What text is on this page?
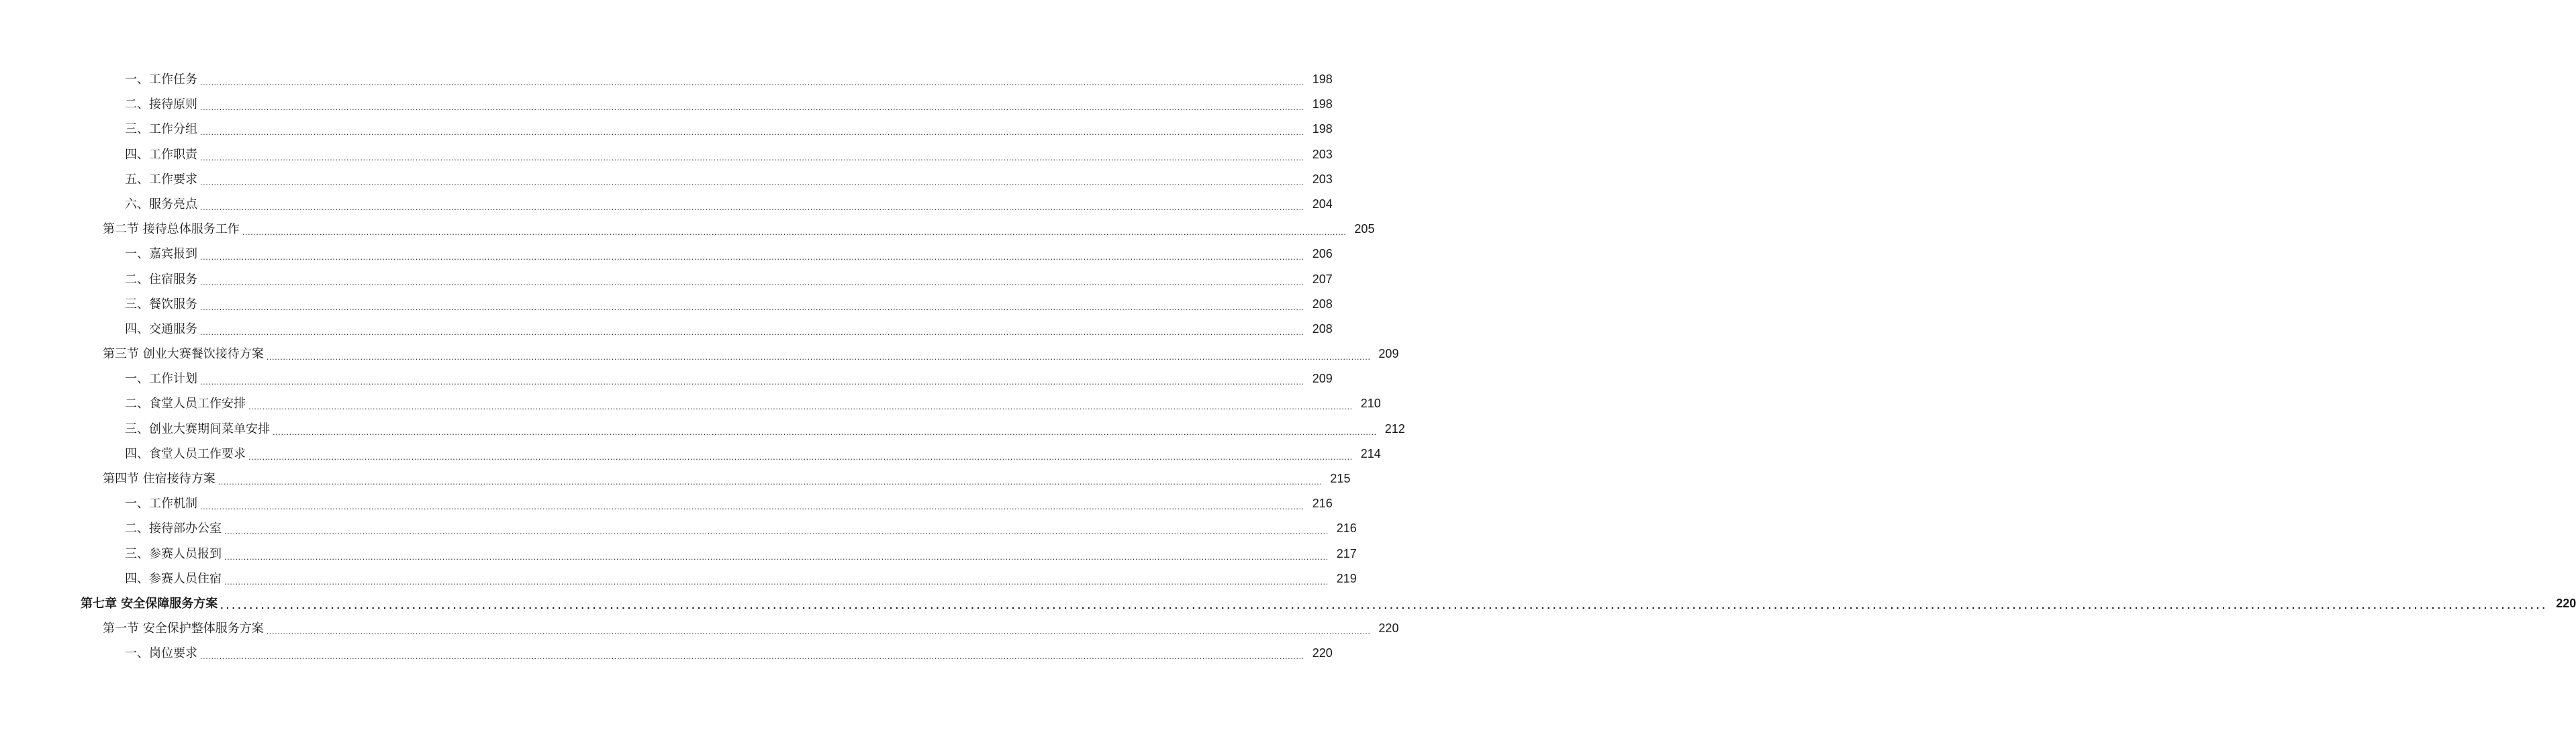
一、工作任务 ................................................................................................................................................................................................................................................................................................................................................................................................................ 198
二、接待原则 ................................................................................................................................................................................................................................................................................................................................................................................................................ 198
三、工作分组 ................................................................................................................................................................................................................................................................................................................................................................................................................ 198
四、工作职责 ................................................................................................................................................................................................................................................................................................................................................................................................................ 203
五、工作要求 ................................................................................................................................................................................................................................................................................................................................................................................................................ 203
六、服务亮点 ................................................................................................................................................................................................................................................................................................................................................................................................................ 204
第二节 接待总体服务工作 ................................................................................................................................................................................................................................................................................................................................................................................................................ 205
一、嘉宾报到 ................................................................................................................................................................................................................................................................................................................................................................................................................ 206
二、住宿服务 ................................................................................................................................................................................................................................................................................................................................................................................................................ 207
三、餐饮服务 ................................................................................................................................................................................................................................................................................................................................................................................................................ 208
四、交通服务 ................................................................................................................................................................................................................................................................................................................................................................................................................ 208
第三节 创业大赛餐饮接待方案 ................................................................................................................................................................................................................................................................................................................................................................................................................ 209
一、工作计划 ................................................................................................................................................................................................................................................................................................................................................................................................................ 209
二、食堂人员工作安排 ................................................................................................................................................................................................................................................................................................................................................................................................................ 210
三、创业大赛期间菜单安排 ................................................................................................................................................................................................................................................................................................................................................................................................................ 212
四、食堂人员工作要求 ................................................................................................................................................................................................................................................................................................................................................................................................................ 214
第四节 住宿接待方案 ................................................................................................................................................................................................................................................................................................................................................................................................................ 215
一、工作机制 ................................................................................................................................................................................................................................................................................................................................................................................................................ 216
二、接待部办公室 ................................................................................................................................................................................................................................................................................................................................................................................................................ 216
三、参赛人员报到 ................................................................................................................................................................................................................................................................................................................................................................................................................ 217
四、参赛人员住宿 ................................................................................................................................................................................................................................................................................................................................................................................................................ 219
第七章 安全保障服务方案 ................................................................................................................................................................................................................................................................................................................................................................................................................ 220
第一节 安全保护整体服务方案 ................................................................................................................................................................................................................................................................................................................................................................................................................ 220
一、岗位要求 ................................................................................................................................................................................................................................................................................................................................................................................................................ 220
